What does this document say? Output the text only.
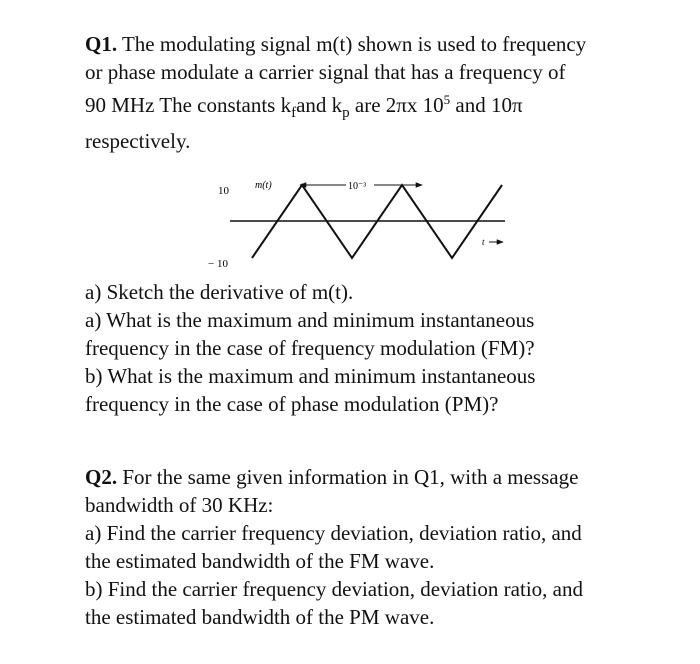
Q1. The modulating signal m(t) shown is used to frequency
or phase modulate a carrier signal that has a frequency of
90 MHz The constants $k_fand$ $k_p$ are 2πx $10^5$ and 10π
respectively.
10
− 10
m(t)	10⁻³
t
a) Sketch the derivative of m(t).
a) What is the maximum and minimum instantaneous
frequency in the case of frequency modulation (FM)?
b) What is the maximum and minimum instantaneous
frequency in the case of phase modulation (PM)?
Q2. For the same given information in Q1, with a message
bandwidth of 30 KHz:
a) Find the carrier frequency deviation, deviation ratio, and
the estimated bandwidth of the FM wave.
b) Find the carrier frequency deviation, deviation ratio, and
the estimated bandwidth of the PM wave.
